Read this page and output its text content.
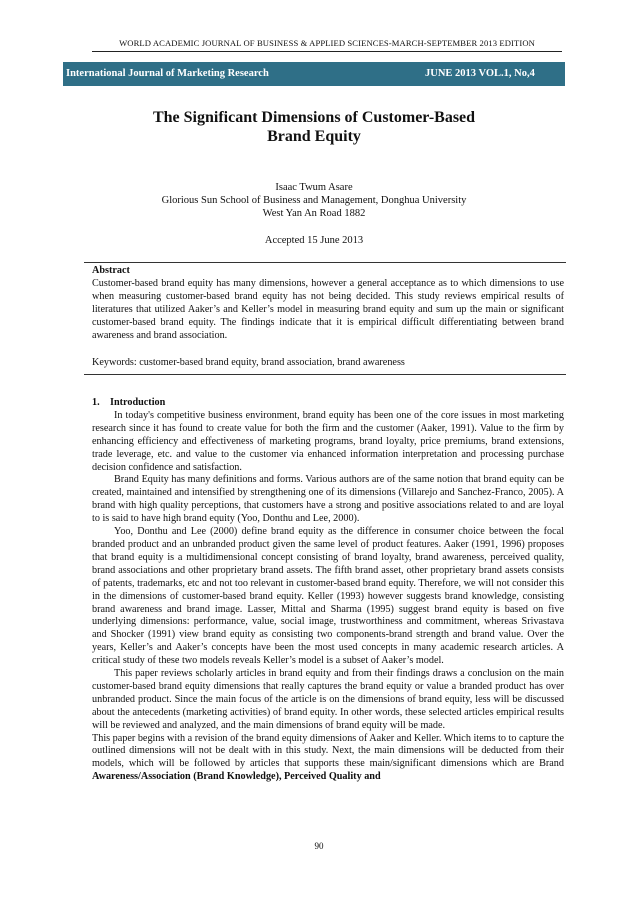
WORLD ACADEMIC JOURNAL OF BUSINESS & APPLIED SCIENCES-MARCH-SEPTEMBER 2013 EDITION
International Journal of Marketing Research	JUNE 2013 VOL.1, No,4
The Significant Dimensions of Customer-Based
Brand Equity
Isaac Twum Asare
Glorious Sun School of Business and Management, Donghua University
West Yan An Road 1882
Accepted 15 June 2013
Abstract
Customer-based brand equity has many dimensions, however a general acceptance as to which dimensions to use when measuring customer-based brand equity has not being decided. This study reviews empirical results of literatures that utilized Aaker’s and Keller’s model in measuring brand equity and sum up the main or significant customer-based brand equity. The findings indicate that it is empirical difficult differentiating between brand awareness and brand association.
Keywords: customer-based brand equity, brand association, brand awareness

1. Introduction

In today's competitive business environment, brand equity has been one of the core issues in most marketing research since it has found to create value for both the firm and the customer (Aaker, 1991). Value to the firm by enhancing efficiency and effectiveness of marketing programs, brand loyalty, price premiums, brand extensions, trade leverage, etc. and value to the customer via enhanced information interpretation and processing purchase decision confidence and satisfaction.

Brand Equity has many definitions and forms. Various authors are of the same notion that brand equity can be created, maintained and intensified by strengthening one of its dimensions (Villarejo and Sanchez-Franco, 2005). A brand with high quality perceptions, that customers have a strong and positive associations related to and are loyal to is said to have high brand equity (Yoo, Donthu and Lee, 2000).

Yoo, Donthu and Lee (2000) define brand equity as the difference in consumer choice between the focal branded product and an unbranded product given the same level of product features. Aaker (1991, 1996) proposes that brand equity is a multidimensional concept consisting of brand loyalty, brand awareness, perceived quality, brand associations and other proprietary brand assets. The fifth brand asset, other proprietary brand assets consists of patents, trademarks, etc and not too relevant in customer-based brand equity. Therefore, we will not consider this in the dimensions of customer-based brand equity. Keller (1993) however suggests brand knowledge, consisting brand awareness and brand image. Lasser, Mittal and Sharma (1995) suggest brand equity is based on five underlying dimensions: performance, value, social image, trustworthiness and commitment, whereas Srivastava and Shocker (1991) view brand equity as consisting two components-brand strength and brand value. Over the years, Keller’s and Aaker’s concepts have been the most used concepts in many academic research articles. A critical study of these two models reveals Keller’s model is a subset of Aaker’s model.

This paper reviews scholarly articles in brand equity and from their findings draws a conclusion on the main customer-based brand equity dimensions that really captures the brand equity or value a branded product has over unbranded product. Since the main focus of the article is on the dimensions of brand equity, less will be discussed about the antecedents (marketing activities) of brand equity. In other words, these selected articles empirical results will be reviewed and analyzed, and the main dimensions of brand equity will be made.

This paper begins with a revision of the brand equity dimensions of Aaker and Keller. Which items to to capture the outlined dimensions will not be dealt with in this study. Next, the main dimensions will be deducted from their models, which will be followed by articles that supports these main/significant dimensions which are Brand Awareness/Association (Brand Knowledge), Perceived Quality and

90
